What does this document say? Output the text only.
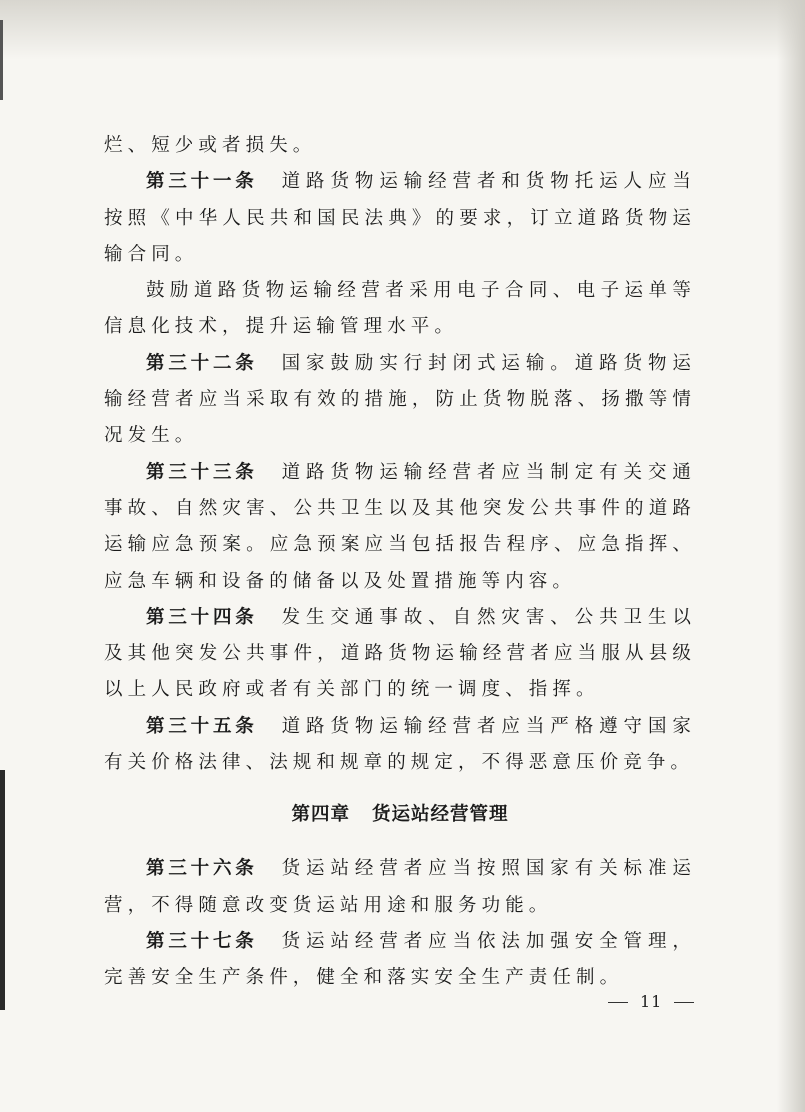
烂、短少或者损失。

第三十一条 道路货物运输经营者和货物托运人应当按照《中华人民共和国民法典》的要求，订立道路货物运输合同。

鼓励道路货物运输经营者采用电子合同、电子运单等信息化技术，提升运输管理水平。

第三十二条 国家鼓励实行封闭式运输。道路货物运输经营者应当采取有效的措施，防止货物脱落、扬撒等情况发生。

第三十三条 道路货物运输经营者应当制定有关交通事故、自然灾害、公共卫生以及其他突发公共事件的道路运输应急预案。应急预案应当包括报告程序、应急指挥、应急车辆和设备的储备以及处置措施等内容。

第三十四条 发生交通事故、自然灾害、公共卫生以及其他突发公共事件，道路货物运输经营者应当服从县级以上人民政府或者有关部门的统一调度、指挥。

第三十五条 道路货物运输经营者应当严格遵守国家有关价格法律、法规和规章的规定，不得恶意压价竞争。

第四章 货运站经营管理

第三十六条 货运站经营者应当按照国家有关标准运营，不得随意改变货运站用途和服务功能。

第三十七条 货运站经营者应当依法加强安全管理，完善安全生产条件，健全和落实安全生产责任制。

11
